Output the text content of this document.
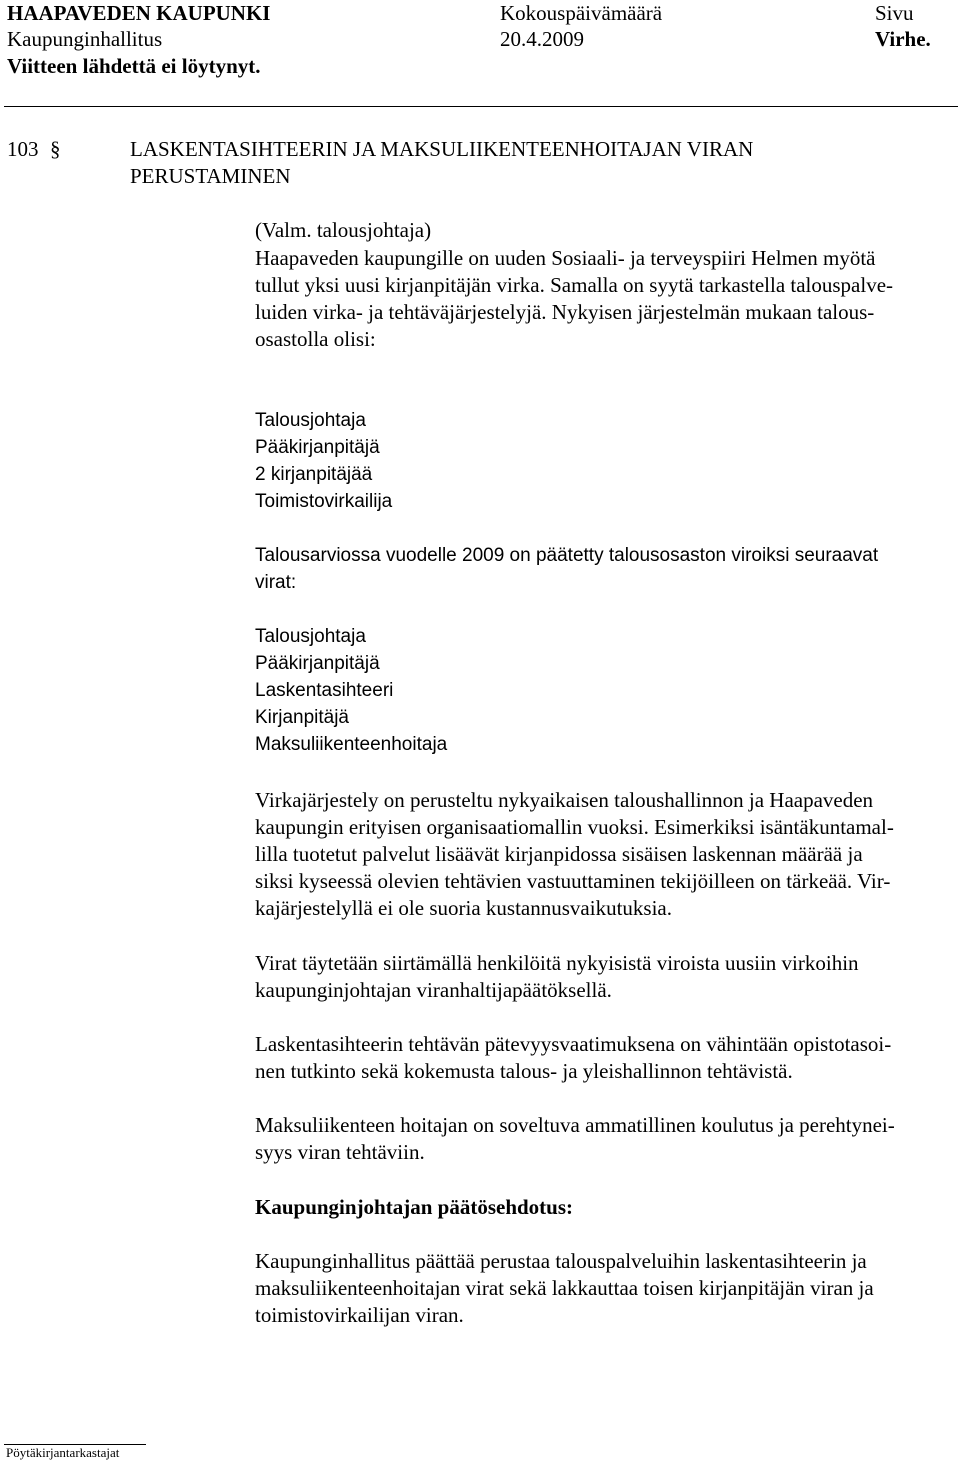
HAAPAVEDEN KAUPUNKI	Kokouspäivämäärä	Sivu
Kaupunginhallitus	20.4.2009	Virhe.
Viitteen lähdettä ei löytynyt.
103 §	LASKENTASIHTEERIN JA MAKSULIIKENTEENHOITAJAN VIRAN
PERUSTAMINEN
(Valm. talousjohtaja)
Haapaveden kaupungille on uuden Sosiaali- ja terveyspiiri Helmen myötä
tullut yksi uusi kirjanpitäjän virka. Samalla on syytä tarkastella talouspalve-
luiden virka- ja tehtäväjärjestelyjä. Nykyisen järjestelmän mukaan talous-
osastolla olisi:
Talousjohtaja
Pääkirjanpitäjä
2 kirjanpitäjää
Toimistovirkailija
Talousarviossa vuodelle 2009 on päätetty talousosaston viroiksi seuraavat
virat:
Talousjohtaja
Pääkirjanpitäjä
Laskentasihteeri
Kirjanpitäjä
Maksuliikenteenhoitaja
Virkajärjestely on perusteltu nykyaikaisen taloushallinnon ja Haapaveden
kaupungin erityisen organisaatiomallin vuoksi. Esimerkiksi isäntäkuntamal-
lilla tuotetut palvelut lisäävät kirjanpidossa sisäisen laskennan määrää ja
siksi kyseessä olevien tehtävien vastuuttaminen tekijöilleen on tärkeää. Vir-
kajärjestelyllä ei ole suoria kustannusvaikutuksia.
Virat täytetään siirtämällä henkilöitä nykyisistä viroista uusiin virkoihin
kaupunginjohtajan viranhaltijapäätöksellä.
Laskentasihteerin tehtävän pätevyysvaatimuksena on vähintään opistotasoi-
nen tutkinto sekä kokemusta talous- ja yleishallinnon tehtävistä.
Maksuliikenteen hoitajan on soveltuva ammatillinen koulutus ja perehtynei-
syys viran tehtäviin.
Kaupunginjohtajan päätösehdotus:
Kaupunginhallitus päättää perustaa talouspalveluihin laskentasihteerin ja
maksuliikenteenhoitajan virat sekä lakkauttaa toisen kirjanpitäjän viran ja
toimistovirkailijan viran.
Pöytäkirjantarkastajat
